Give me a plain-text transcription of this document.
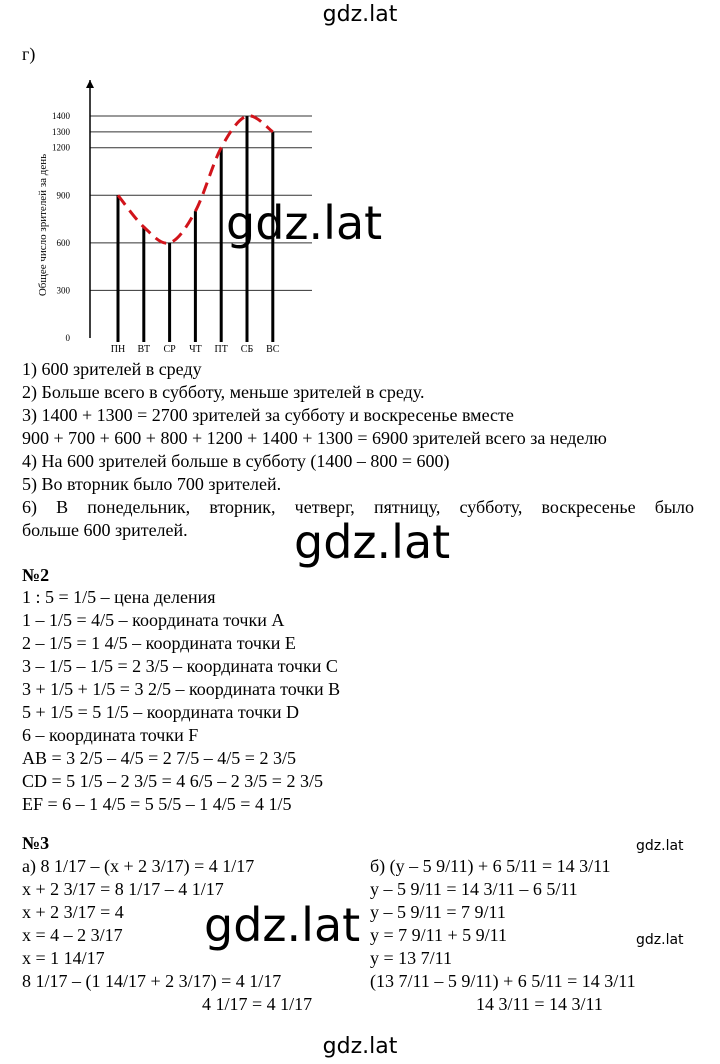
gdz.lat
г)
0
300
600
900
1200
1300
1400
ПН ВТ СР ЧТ ПТ СБ ВС
Общее число зрителей за день	gdz.lat
1) 600 зрителей в среду
2) Больше всего в субботу, меньше зрителей в среду.
3) 1400 + 1300 = 2700 зрителей за субботу и воскресенье вместе
900 + 700 + 600 + 800 + 1200 + 1400 + 1300 = 6900 зрителей всего за неделю
4) На 600 зрителей больше в субботу (1400 – 800 = 600)
5) Во вторник было 700 зрителей.
6) В понедельник, вторник, четверг, пятницу, субботу, воскресенье было
больше 600 зрителей. gdz.lat
№2
1 : 5 = 1/5 – цена деления
1 – 1/5 = 4/5 – координата точки A
2 – 1/5 = 1 4/5 – координата точки E
3 – 1/5 – 1/5 = 2 3/5 – координата точки C
3 + 1/5 + 1/5 = 3 2/5 – координата точки B
5 + 1/5 = 5 1/5 – координата точки D
6 – координата точки F
AB = 3 2/5 – 4/5 = 2 7/5 – 4/5 = 2 3/5
CD = 5 1/5 – 2 3/5 = 4 6/5 – 2 3/5 = 2 3/5
EF = 6 – 1 4/5 = 5 5/5 – 1 4/5 = 4 1/5
№3	gdz.lat
а) 8 1/17 – (x + 2 3/17) = 4 1/17
x + 2 3/17 = 8 1/17 – 4 1/17
x + 2 3/17 = 4
x = 4 – 2 3/17
x = 1 14/17
8 1/17 – (1 14/17 + 2 3/17) = 4 1/17
4 1/17 = 4 1/17
б) (y – 5 9/11) + 6 5/11 = 14 3/11
y – 5 9/11 = 14 3/11 – 6 5/11
y – 5 9/11 = 7 9/11
y = 7 9/11 + 5 9/11
y = 13 7/11
(13 7/11 – 5 9/11) + 6 5/11 = 14 3/11
14 3/11 = 14 3/11
gdz.lat	gdz.lat
gdz.lat
